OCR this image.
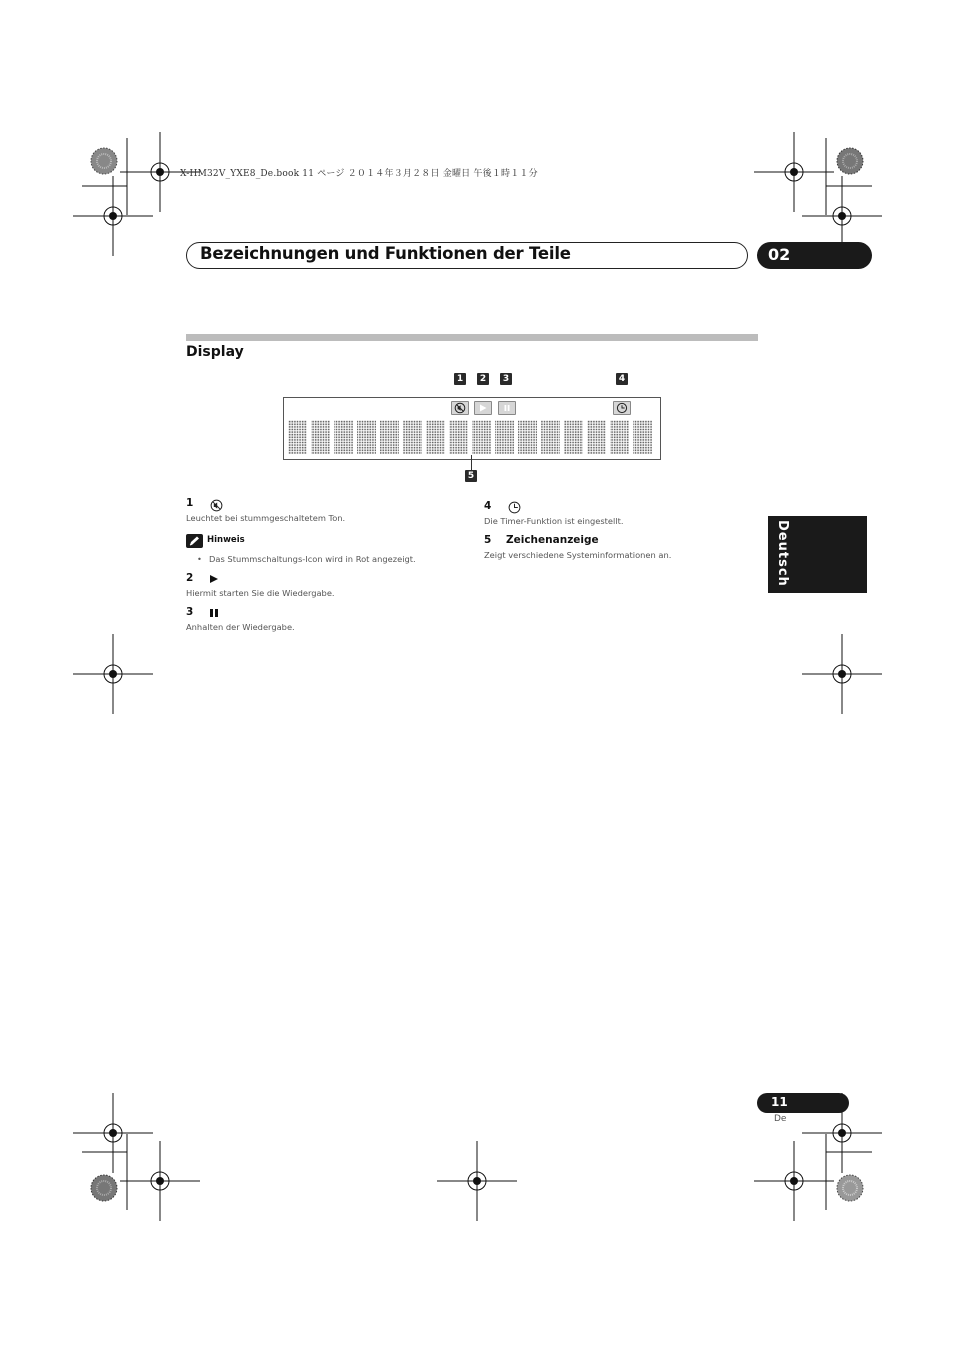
X-HM32V_YXE8_De.book 11 ページ ２０１４年３月２８日 金曜日 午後１時１１分
Bezeichnungen und Funktionen der Teile	02
Display
1	2	3	4
5
1
Leuchtet bei stummgeschaltetem Ton.
Hinweis
• Das Stummschaltungs-Icon wird in Rot angezeigt.
2
Hiermit starten Sie die Wiedergabe.
3
Anhalten der Wiedergabe.
4
Die Timer-Funktion ist eingestellt.
5 Zeichenanzeige
Zeigt verschiedene Systeminformationen an.	Deutsch
11
De
